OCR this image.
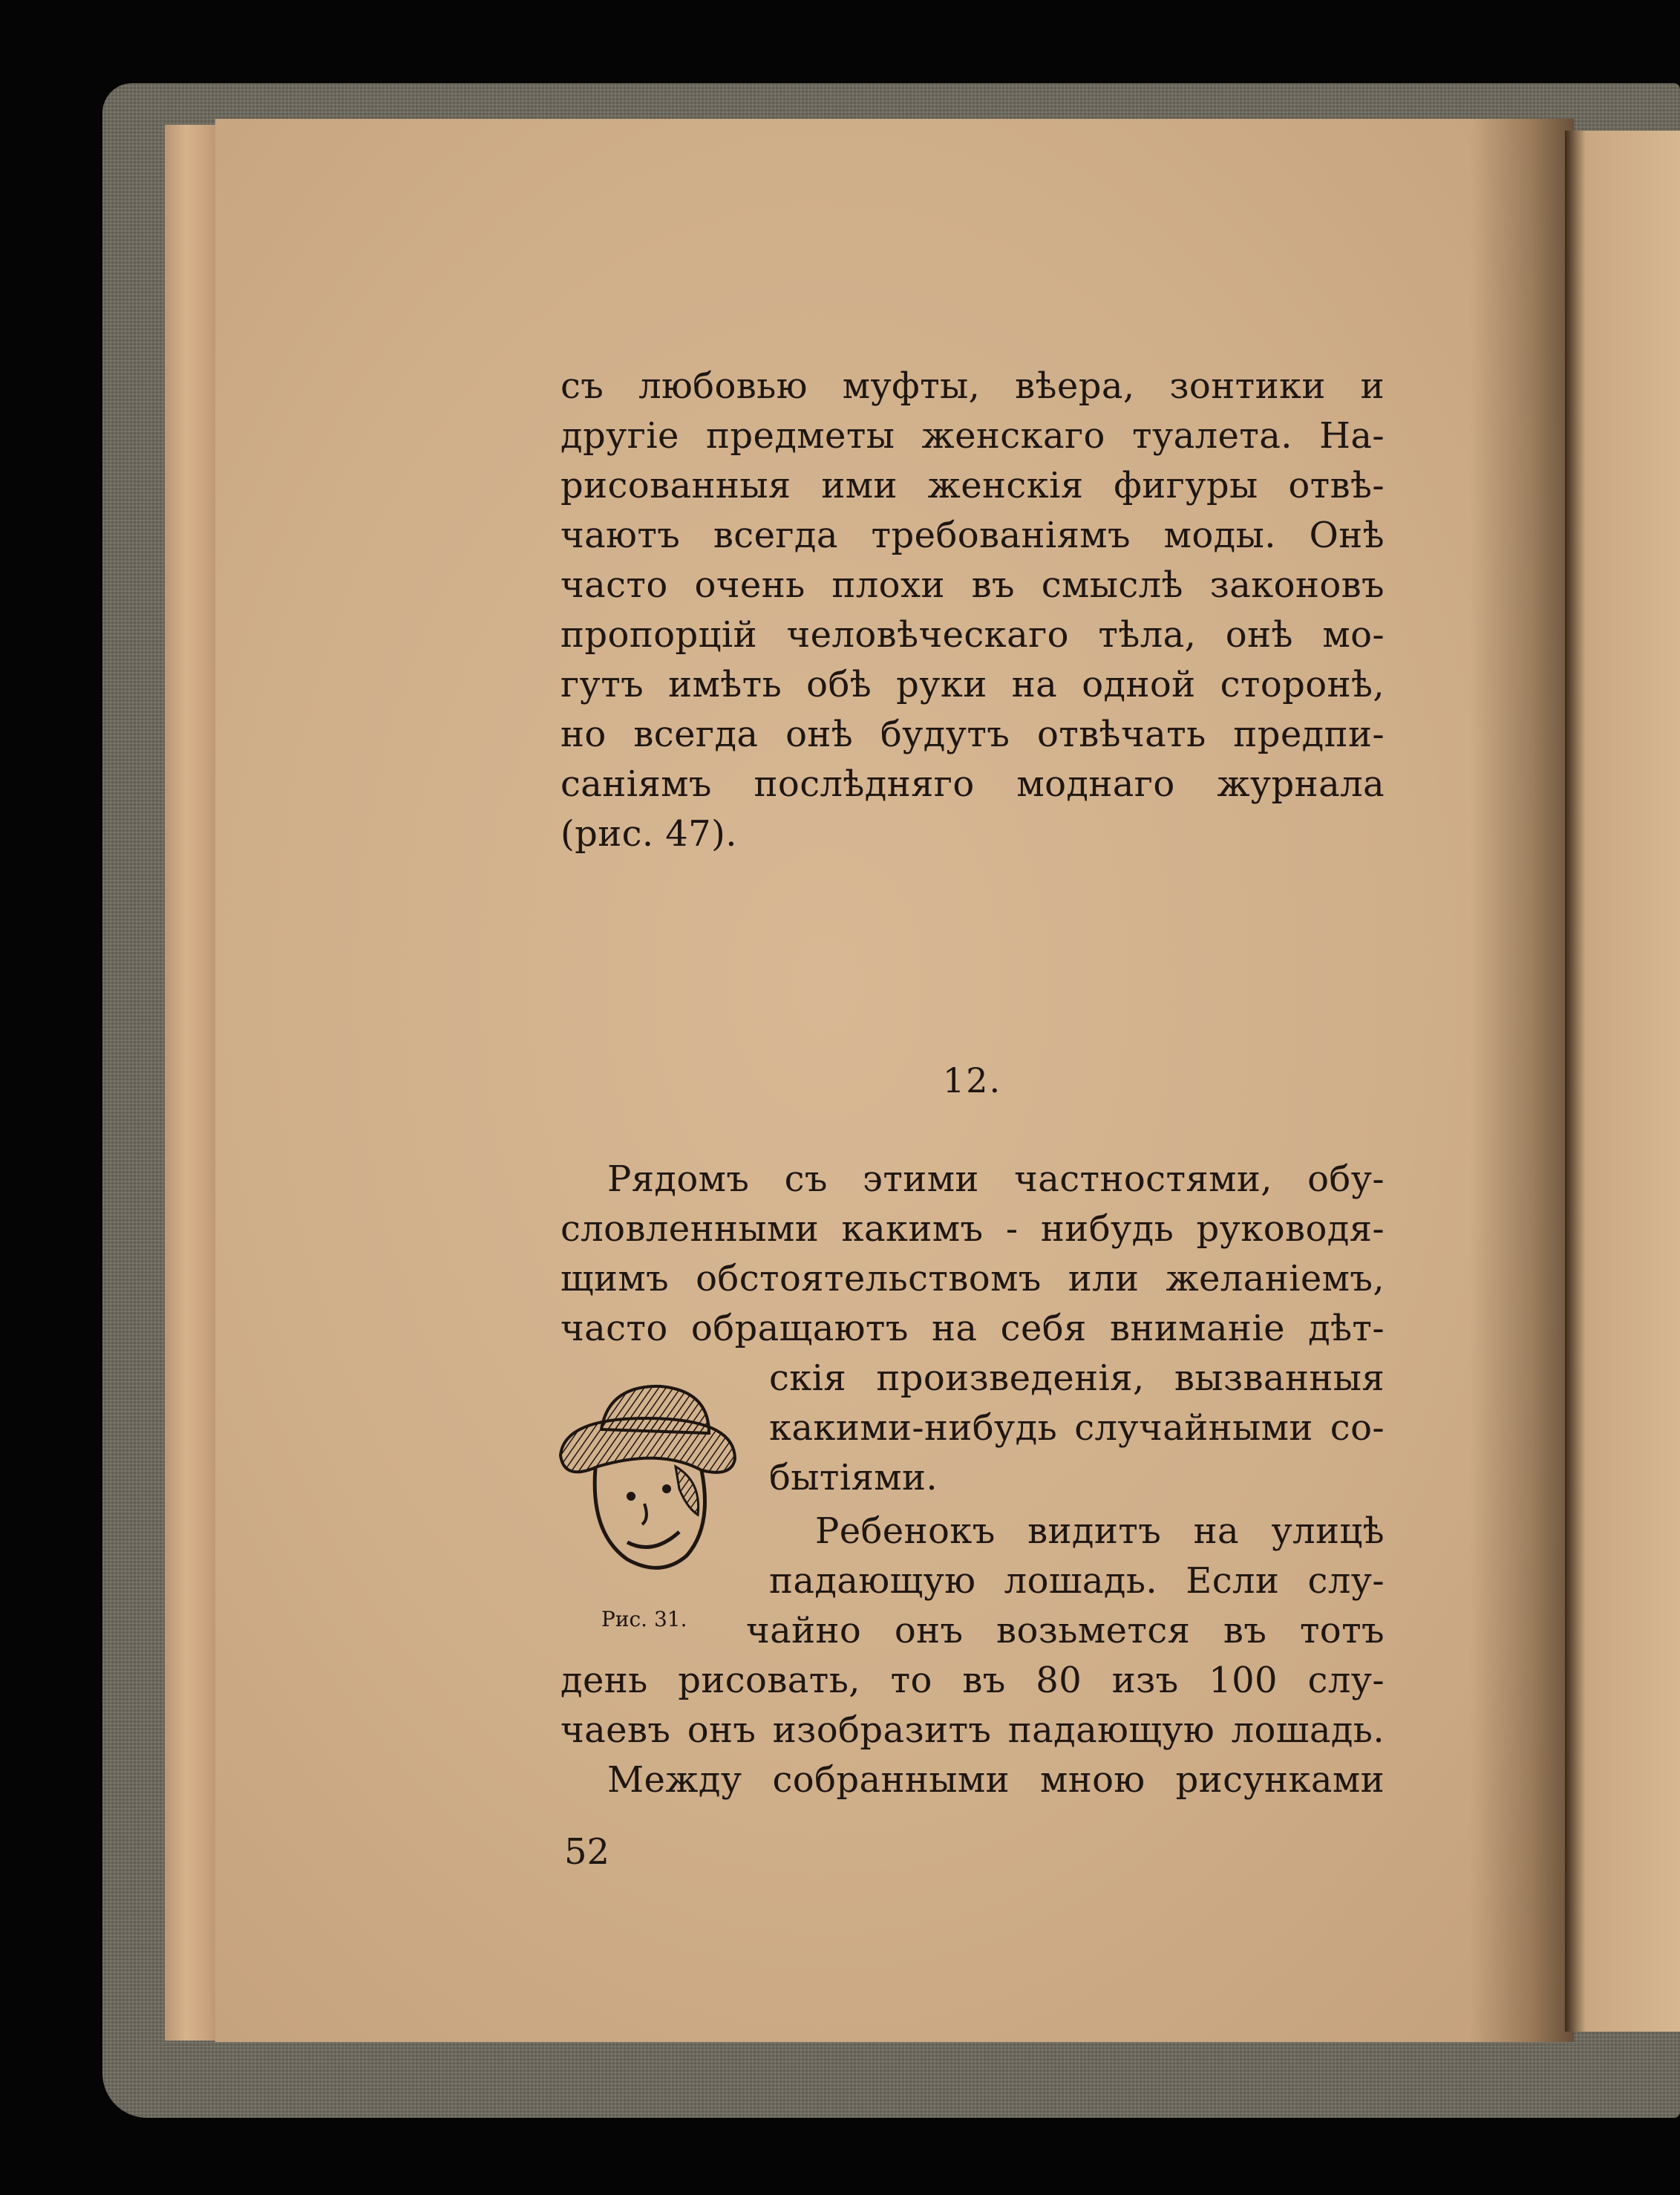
съ любовью муфты, вѣера, зонтики и
другіе предметы женскаго туалета. На-
рисованныя ими женскія фигуры отвѣ-
чаютъ всегда требованіямъ моды. Онѣ
часто очень плохи въ смыслѣ законовъ
пропорцій человѣческаго тѣла, онѣ мо-
гутъ имѣть обѣ руки на одной сторонѣ,
но всегда онѣ будутъ отвѣчать предпи-
саніямъ послѣдняго моднаго журнала
(рис. 47).
12.
Рядомъ съ этими частностями, обу-
словленными какимъ - нибудь руководя-
щимъ обстоятельствомъ или желаніемъ,
часто обращаютъ на себя вниманіе дѣт-
скія произведенія, вызванныя
какими-нибудь случайными со-
бытіями.
Ребенокъ видитъ на улицѣ
падающую лошадь. Если слу-
чайно онъ возьмется въ тотъ
день рисовать, то въ 80 изъ 100 слу-
чаевъ онъ изобразитъ падающую лошадь.
Между собранными мною рисунками
Рис. 31.
52
